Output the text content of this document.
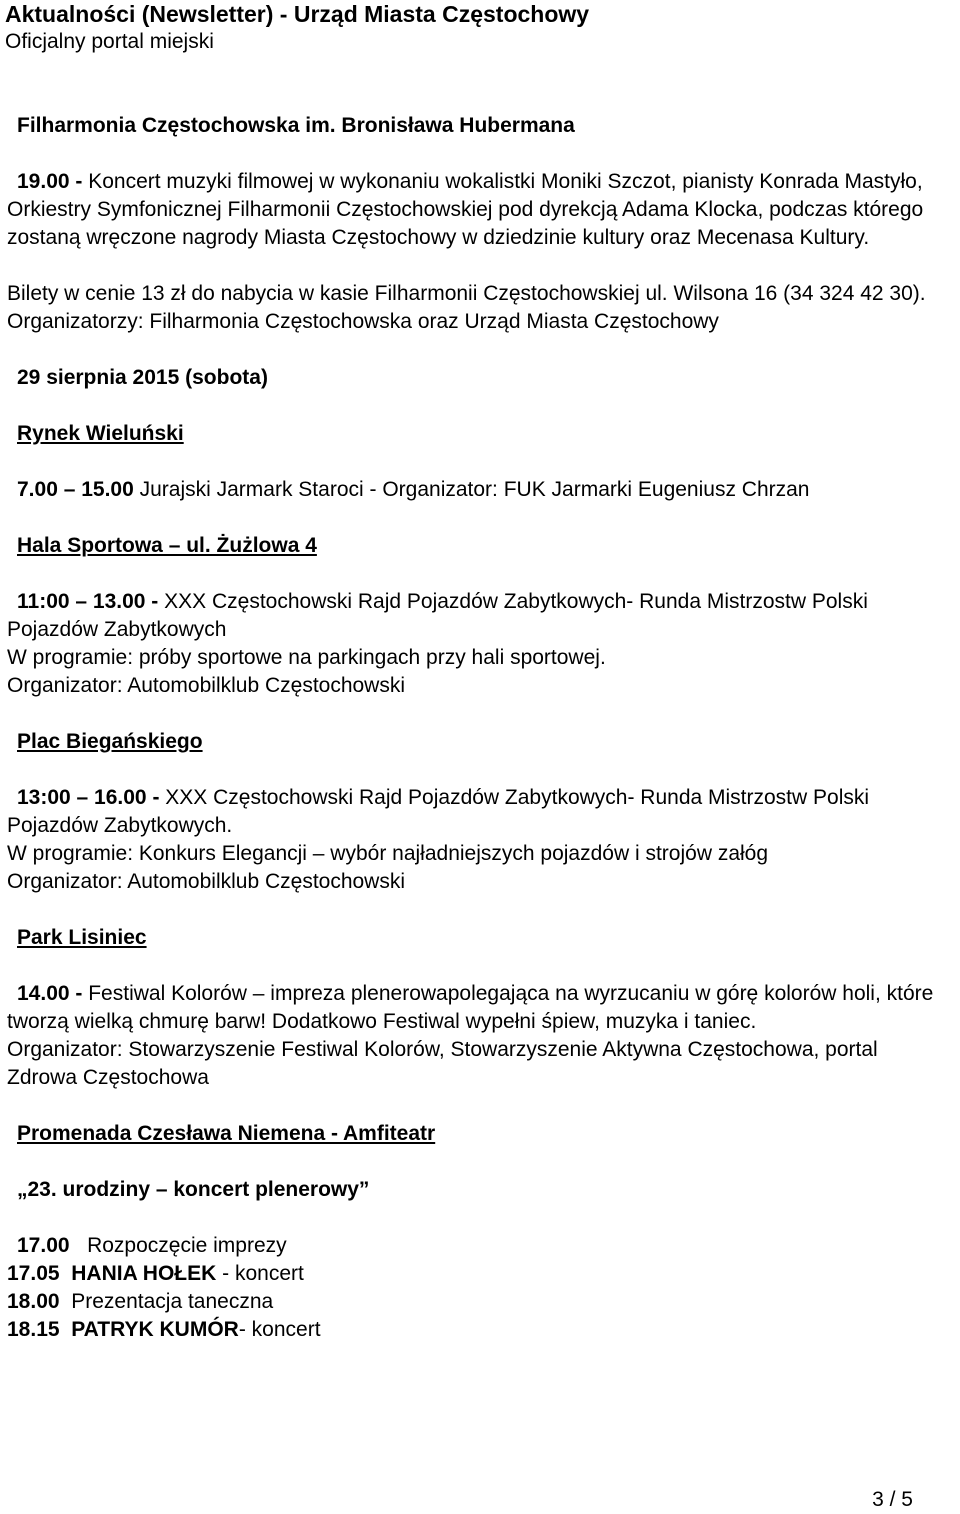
Aktualności (Newsletter) - Urząd Miasta Częstochowy
Oficjalny portal miejski
Filharmonia Częstochowska im. Bronisława Hubermana
19.00 - Koncert muzyki filmowej w wykonaniu wokalistki Moniki Szczot, pianisty Konrada Mastyło, Orkiestry Symfonicznej Filharmonii Częstochowskiej pod dyrekcją Adama Klocka, podczas którego zostaną wręczone nagrody Miasta Częstochowy w dziedzinie kultury oraz Mecenasa Kultury.
Bilety w cenie 13 zł do nabycia w kasie Filharmonii Częstochowskiej ul. Wilsona 16 (34 324 42 30).
Organizatorzy: Filharmonia Częstochowska oraz Urząd Miasta Częstochowy
29 sierpnia 2015 (sobota)
Rynek Wieluński
7.00 – 15.00 Jurajski Jarmark Staroci - Organizator: FUK Jarmarki Eugeniusz Chrzan
Hala Sportowa – ul. Żużlowa 4
11:00 – 13.00 - XXX Częstochowski Rajd Pojazdów Zabytkowych- Runda Mistrzostw Polski Pojazdów Zabytkowych
W programie: próby sportowe na parkingach przy hali sportowej.
Organizator: Automobilklub Częstochowski
Plac Biegańskiego
13:00 – 16.00 - XXX Częstochowski Rajd Pojazdów Zabytkowych- Runda Mistrzostw Polski Pojazdów Zabytkowych.
W programie: Konkurs Elegancji – wybór najładniejszych pojazdów i strojów załóg
Organizator: Automobilklub Częstochowski
Park Lisiniec
14.00 - Festiwal Kolorów – impreza plenerowapolegająca na wyrzucaniu w górę kolorów holi, które tworzą wielką chmurę barw! Dodatkowo Festiwal wypełni śpiew, muzyka i taniec.
Organizator: Stowarzyszenie Festiwal Kolorów, Stowarzyszenie Aktywna Częstochowa, portal Zdrowa Częstochowa
Promenada Czesława Niemena - Amfiteatr
„23. urodziny – koncert plenerowy”
17.00 Rozpoczęcie imprezy
17.05 HANIA HOŁEK - koncert
18.00 Prezentacja taneczna
18.15 PATRYK KUMÓR- koncert
3 / 5
